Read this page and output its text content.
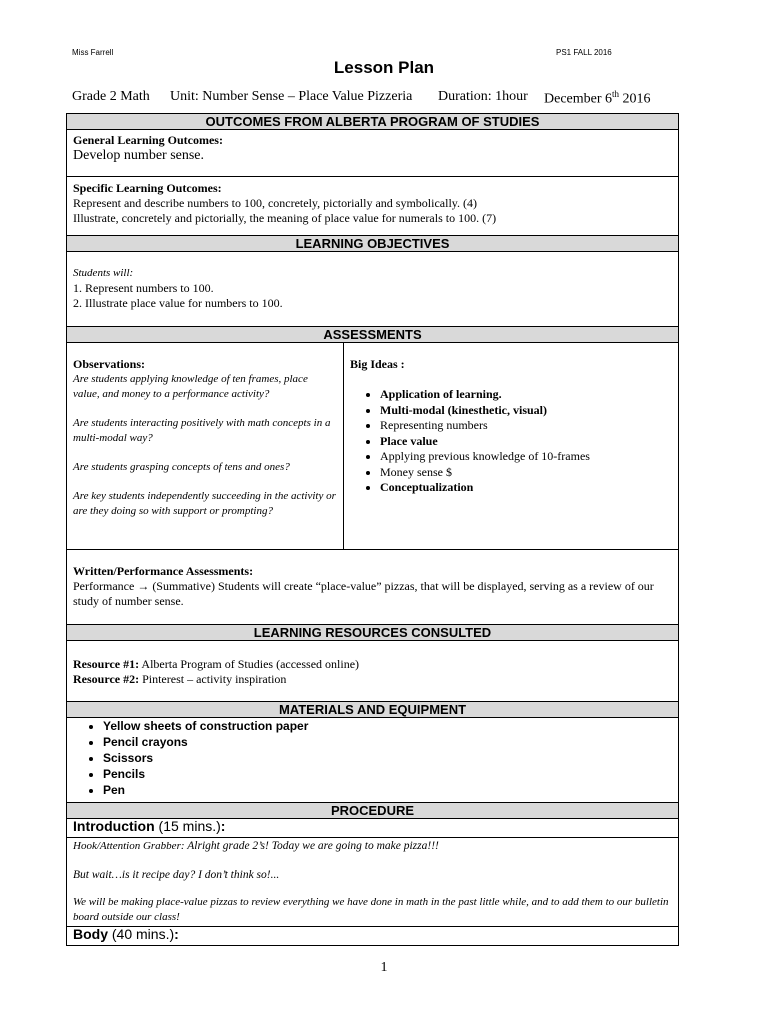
Miss Farrell	PS1 FALL 2016
Lesson Plan
Grade 2 Math Unit: Number Sense – Place Value Pizzeria Duration: 1hour December 6th 2016
OUTCOMES FROM ALBERTA PROGRAM OF STUDIES

General Learning Outcomes:
Develop number sense.

Specific Learning Outcomes:
Represent and describe numbers to 100, concretely, pictorially and symbolically. (4)
Illustrate, concretely and pictorially, the meaning of place value for numerals to 100. (7)

LEARNING OBJECTIVES

Students will:
1. Represent numbers to 100.
2. Illustrate place value for numbers to 100.

ASSESSMENTS

Observations:
Are students applying knowledge of ten frames, place value, and money to a performance activity?
Are students interacting positively with math concepts in a multi-modal way?
Are students grasping concepts of tens and ones?
Are key students independently succeeding in the activity or are they doing so with support or prompting?

Big Ideas :
• Application of learning.
• Multi-modal (kinesthetic, visual)
• Representing numbers
• Place value
• Applying previous knowledge of 10-frames
• Money sense $
• Conceptualization

Written/Performance Assessments:
Performance → (Summative) Students will create “place-value” pizzas, that will be displayed, serving as a review of our study of number sense.

LEARNING RESOURCES CONSULTED

Resource #1: Alberta Program of Studies (accessed online)
Resource #2: Pinterest – activity inspiration

MATERIALS AND EQUIPMENT

• Yellow sheets of construction paper
• Pencil crayons
• Scissors
• Pencils
• Pen

PROCEDURE

Introduction (15 mins.):

Hook/Attention Grabber: Alright grade 2’s! Today we are going to make pizza!!!
But wait…is it recipe day? I don’t think so!...
We will be making place-value pizzas to review everything we have done in math in the past little while, and to add them to our bulletin board outside our class!

Body (40 mins.):
1
